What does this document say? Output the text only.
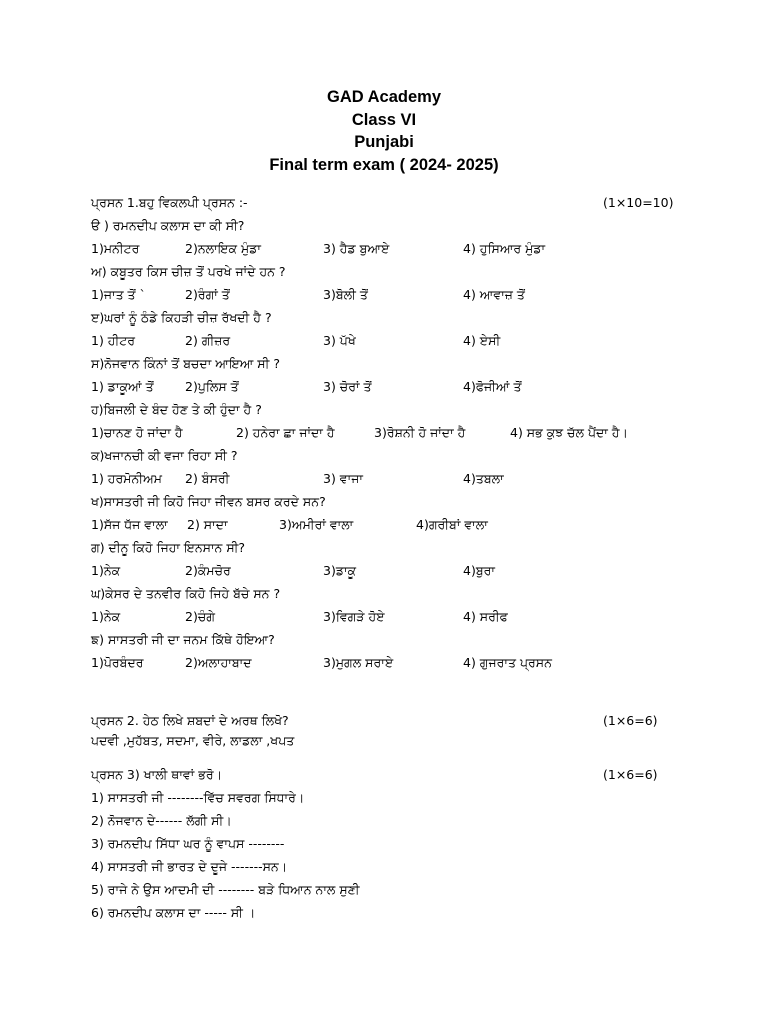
GAD Academy
Class VI
Punjabi
Final term exam ( 2024- 2025)
ਪ੍ਰਸਨ 1.ਬਹੁ ਵਿਕਲਪੀ ਪ੍ਰਸਨ :-	(1×10=10)
ੳ ) ਰਮਨਦੀਪ ਕਲਾਸ ਦਾ ਕੀ ਸੀ?
1)ਮਨੀਟਰ	2)ਨਲਾਇਕ ਮੁੰਡਾ	3) ਹੈਡ ਬੁਆਏ	4) ਹੁਸਿਆਰ ਮੁੰਡਾ
ਅ) ਕਬੂਤਰ ਕਿਸ ਚੀਜ਼ ਤੋਂ ਪਰਖੇ ਜਾਂਦੇ ਹਨ ?
1)ਜਾਤ ਤੋਂ `	2)ਰੰਗਾਂ ਤੋਂ	3)ਬੋਲੀ ਤੋਂ	4) ਆਵਾਜ਼ ਤੋਂ
ੲ)ਘਰਾਂ ਨੂੰ ਠੰਡੇ ਕਿਹੜੀ ਚੀਜ਼ ਰੱਖਦੀ ਹੈ ?
1) ਹੀਟਰ	2) ਗੀਜ਼ਰ	3) ਪੱਖੇ	4) ਏਸੀ
ਸ)ਨੋਜਵਾਨ ਕਿੰਨਾਂ ਤੋਂ ਬਚਦਾ ਆਇਆ ਸੀ ?
1) ਡਾਕੂਆਂ ਤੋਂ	2)ਪੁਲਿਸ ਤੋਂ	3) ਚੋਰਾਂ ਤੋਂ	4)ਫੋਜੀਆਂ ਤੋਂ
ਹ)ਬਿਜਲੀ ਦੇ ਬੰਦ ਹੋਣ ਤੇ ਕੀ ਹੁੰਦਾ ਹੈ ?
1)ਚਾਨਣ ਹੋ ਜਾਂਦਾ ਹੈ	2) ਹਨੇਰਾ ਛਾ ਜਾਂਦਾ ਹੈ	3)ਰੋਸ਼ਨੀ ਹੋ ਜਾਂਦਾ ਹੈ	4) ਸਭ ਕੁਝ ਚੱਲ ਪੈਂਦਾ ਹੈ।
ਕ)ਖਜਾਨਚੀ ਕੀ ਵਜਾ ਰਿਹਾ ਸੀ ?
1) ਹਰਮੋਨੀਅਮ 2) ਬੰਸਰੀ	3) ਵਾਜਾ	4)ਤਬਲਾ
ਖ)ਸਾਸਤਰੀ ਜੀ ਕਿਹੋ ਜਿਹਾ ਜੀਵਨ ਬਸਰ ਕਰਦੇ ਸਨ?
1)ਸੱਜ ਧੱਜ ਵਾਲਾ 2) ਸਾਦਾ	3)ਅਮੀਰਾਂ ਵਾਲਾ	4)ਗਰੀਬਾਂ ਵਾਲਾ
ਗ) ਦੀਨੂ ਕਿਹੋ ਜਿਹਾ ਇਨਸਾਨ ਸੀ?
1)ਨੇਕ	2)ਕੰਮਚੋਰ	3)ਡਾਕੂ	4)ਬੁਰਾ
ਘ)ਕੇਸਰ ਦੇ ਤਨਵੀਰ ਕਿਹੋ ਜਿਹੇ ਬੱਚੇ ਸਨ ?
1)ਨੇਕ	2)ਚੰਗੇ	3)ਵਿਗੜੇ ਹੋਏ	4) ਸਰੀਫ
ਙ) ਸਾਸਤਰੀ ਜੀ ਦਾ ਜਨਮ ਕਿੱਥੇ ਹੋਇਆ?
1)ਪੋਰਬੰਦਰ	2)ਅਲਾਹਾਬਾਦ	3)ਮੁਗਲ ਸਰਾਏ	4) ਗੁਜਰਾਤ ਪ੍ਰਸਨ
ਪ੍ਰਸਨ 2. ਹੇਠ ਲਿਖੇ ਸ਼ਬਦਾਂ ਦੇ ਅਰਥ ਲਿਖੋ?	(1×6=6)
ਪਦਵੀ ,ਮੁਹੱਬਤ, ਸਦਮਾ, ਵੀਰੇ, ਲਾਡਲਾ ,ਖਪਤ
ਪ੍ਰਸਨ 3) ਖਾਲੀ ਥਾਵਾਂ ਭਰੋ।	(1×6=6)
1) ਸਾਸਤਰੀ ਜੀ --------ਵਿੱਚ ਸਵਰਗ ਸਿਧਾਰੇ।
2) ਨੋਜਵਾਨ ਦੇ------ ਲੱਗੀ ਸੀ।
3) ਰਮਨਦੀਪ ਸਿੱਧਾ ਘਰ ਨੂੰ ਵਾਪਸ --------
4) ਸਾਸਤਰੀ ਜੀ ਭਾਰਤ ਦੇ ਦੂਜੇ -------ਸਨ।
5) ਰਾਜੇ ਨੇ ਉਸ ਆਦਮੀ ਦੀ -------- ਬੜੇ ਧਿਆਨ ਨਾਲ ਸੁਣੀ
6) ਰਮਨਦੀਪ ਕਲਾਸ ਦਾ ----- ਸੀ ।
